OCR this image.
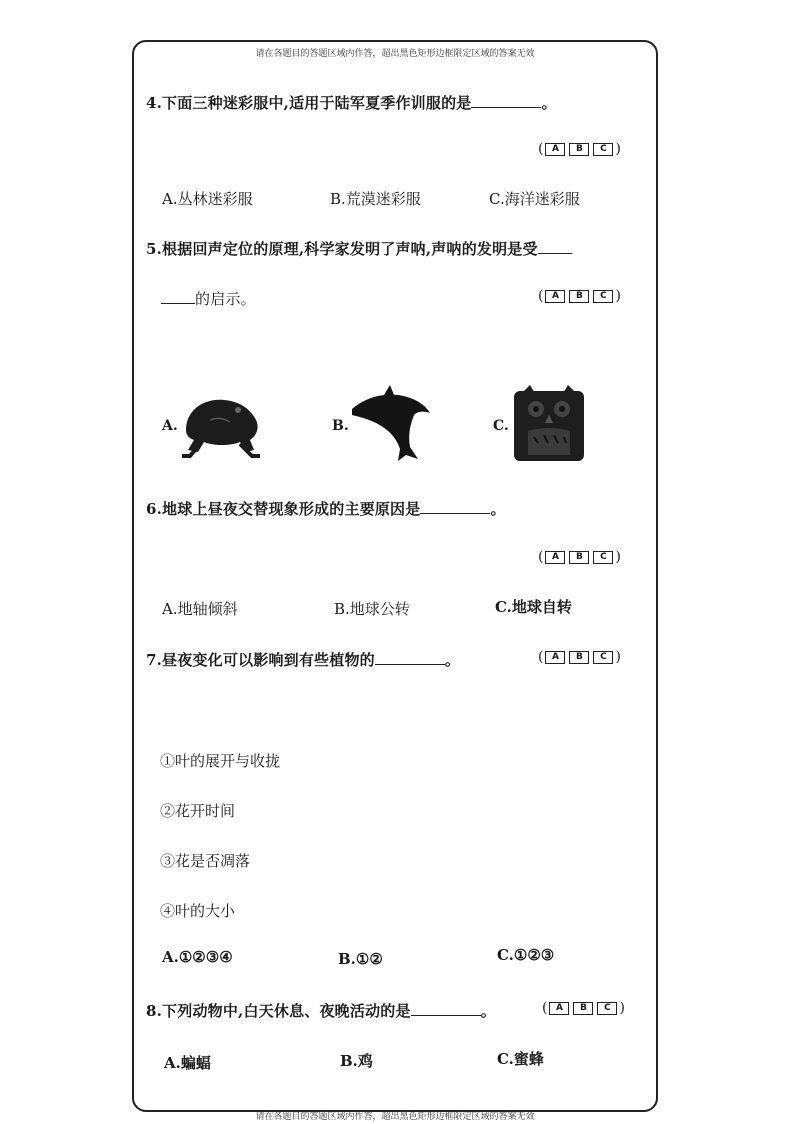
请在各题目的答题区域内作答，超出黑色矩形边框限定区域的答案无效
请在各题目的答题区域内作答，超出黑色矩形边框限定区域的答案无效
4.下面三种迷彩服中,适用于陆军夏季作训服的是	。
( A	B	C )
A.丛林迷彩服	B.荒漠迷彩服	C.海洋迷彩服
5.根据回声定位的原理,科学家发明了声呐,声呐的发明是受
的启示。	( A	B	C )
A.	B.	C.
6.地球上昼夜交替现象形成的主要原因是	。
( A	B	C )
A.地轴倾斜	B.地球公转	C.地球自转
7.昼夜变化可以影响到有些植物的	。	( A	B	C )
①叶的展开与收拢
②花开时间
③花是否凋落
④叶的大小
A.①②③④	B.①②	C.①②③
8.下列动物中,白天休息、夜晚活动的是	。	( A	B	C )
A.蝙蝠	B.鸡	C.蜜蜂
